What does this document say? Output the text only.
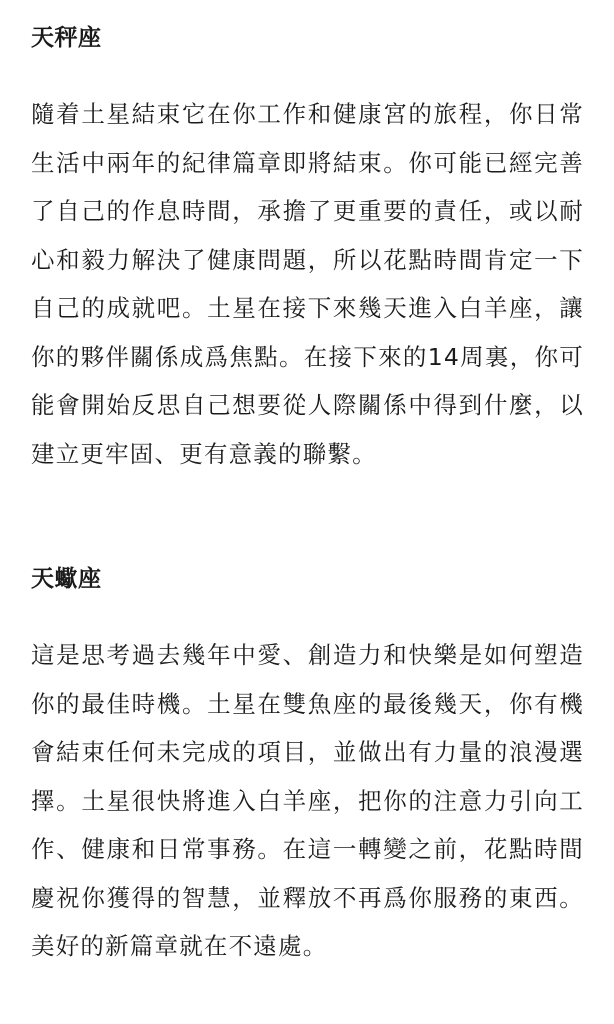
天秤座

隨着土星結束它在你工作和健康宮的旅程，你日常生活中兩年的紀律篇章即將結束。你可能已經完善了自己的作息時間，承擔了更重要的責任，或以耐心和毅力解決了健康問題，所以花點時間肯定一下自己的成就吧。土星在接下來幾天進入白羊座，讓你的夥伴關係成爲焦點。在接下來的14周裏，你可能會開始反思自己想要從人際關係中得到什麼，以建立更牢固、更有意義的聯繫。

天蠍座

這是思考過去幾年中愛、創造力和快樂是如何塑造你的最佳時機。土星在雙魚座的最後幾天，你有機會結束任何未完成的項目，並做出有力量的浪漫選擇。土星很快將進入白羊座，把你的注意力引向工作、健康和日常事務。在這一轉變之前，花點時間慶祝你獲得的智慧，並釋放不再爲你服務的東西。美好的新篇章就在不遠處。
